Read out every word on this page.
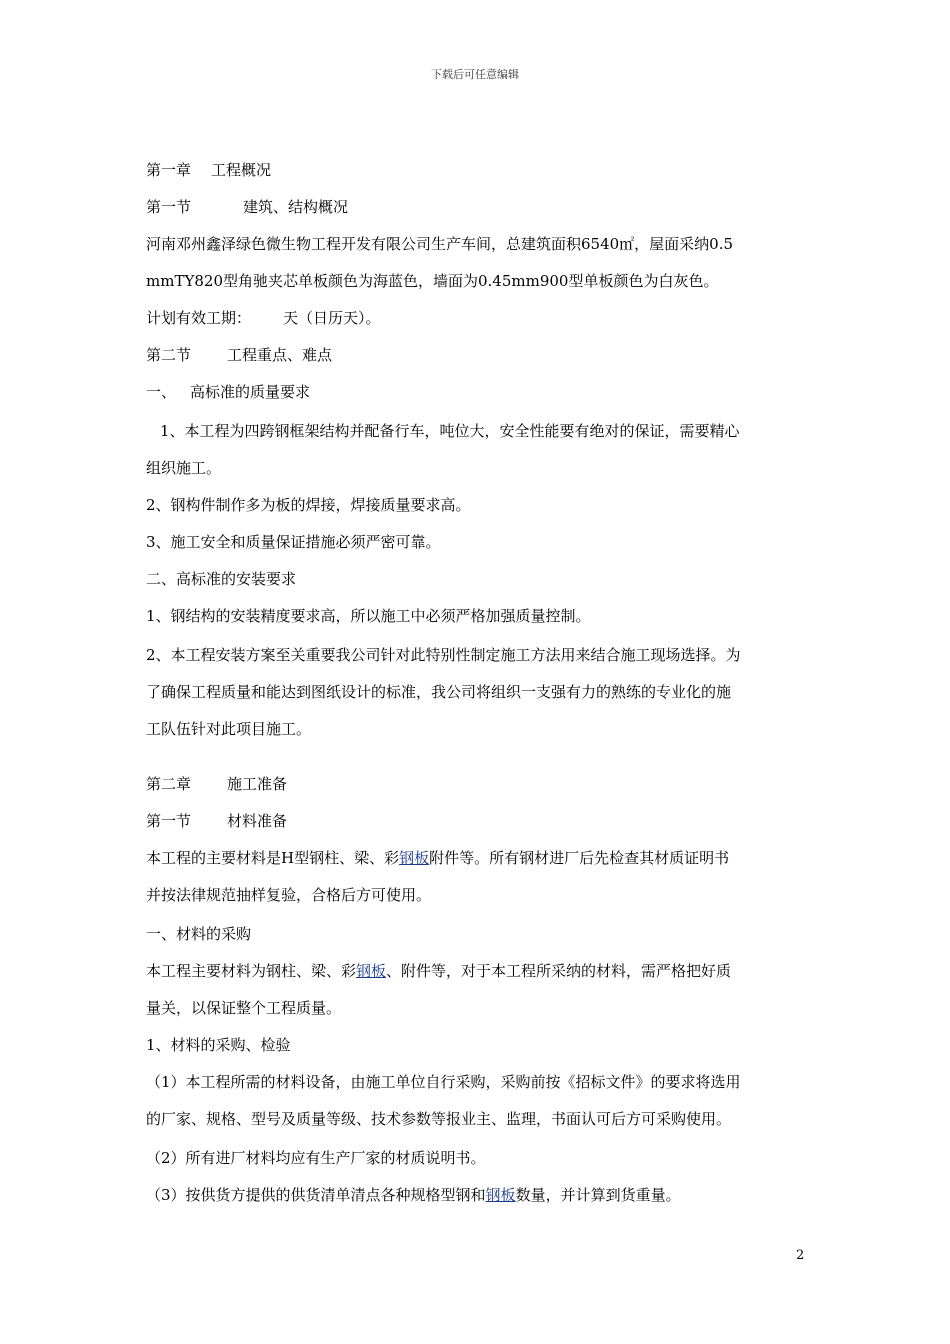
下载后可任意编辑
第一章 工程概况
第一节	建筑、结构概况
河南邓州鑫泽绿色微生物工程开发有限公司生产车间，总建筑面积6540㎡，屋面采纳0.5
mmTY820型角驰夹芯单板颜色为海蓝色，墙面为0.45mm900型单板颜色为白灰色。
计划有效工期： 天（日历天）。
第二节 工程重点、难点
一、 高标准的质量要求
1、本工程为四跨钢框架结构并配备行车，吨位大，安全性能要有绝对的保证，需要精心
组织施工。
2、钢构件制作多为板的焊接，焊接质量要求高。
3、施工安全和质量保证措施必须严密可靠。
二、高标准的安装要求
1、钢结构的安装精度要求高，所以施工中必须严格加强质量控制。
2、本工程安装方案至关重要我公司针对此特别性制定施工方法用来结合施工现场选择。为
了确保工程质量和能达到图纸设计的标准，我公司将组织一支强有力的熟练的专业化的施
工队伍针对此项目施工。
第二章 施工准备
第一节 材料准备
本工程的主要材料是H型钢柱、梁、彩钢板附件等。所有钢材进厂后先检查其材质证明书
并按法律规范抽样复验，合格后方可使用。
一、材料的采购
本工程主要材料为钢柱、梁、彩钢板、附件等，对于本工程所采纳的材料，需严格把好质
量关，以保证整个工程质量。
1、材料的采购、检验
（1）本工程所需的材料设备，由施工单位自行采购，采购前按《招标文件》的要求将选用
的厂家、规格、型号及质量等级、技术参数等报业主、监理，书面认可后方可采购使用。
（2）所有进厂材料均应有生产厂家的材质说明书。
（3）按供货方提供的供货清单清点各种规格型钢和钢板数量，并计算到货重量。
2
